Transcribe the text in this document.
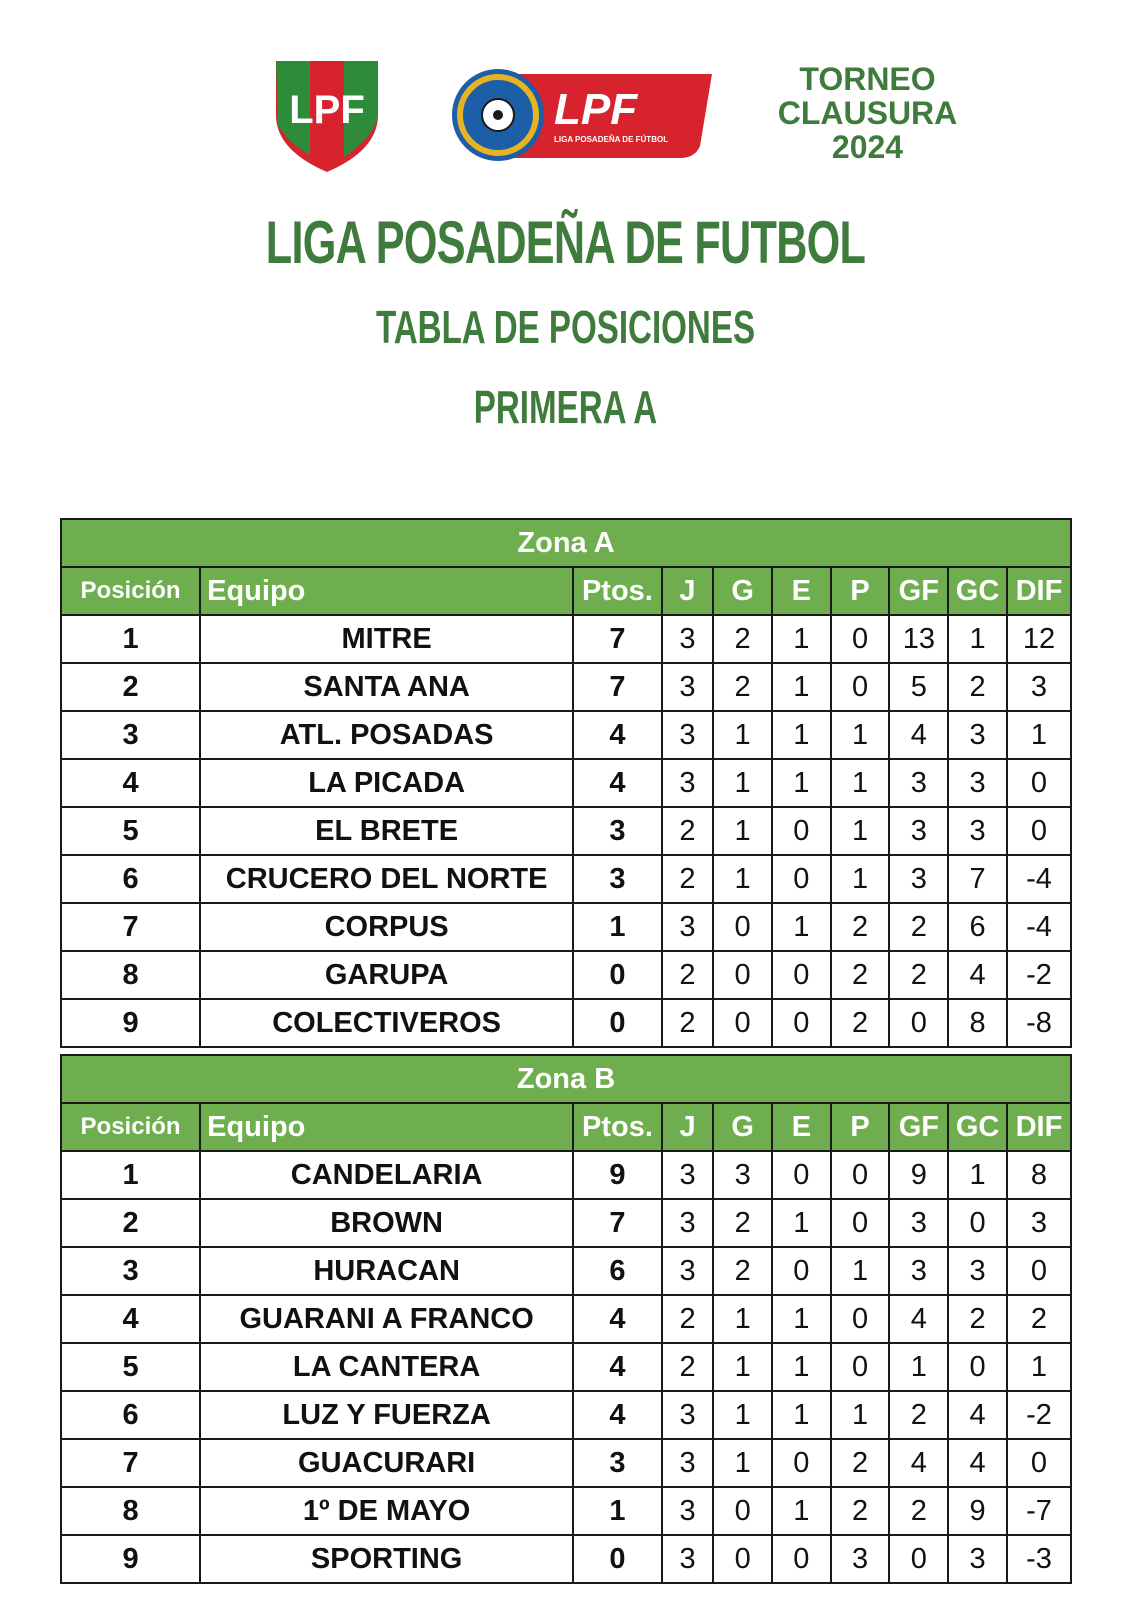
LPF	LPF
LIGA POSADEÑA DE FÚTBOL
TORNEO
CLAUSURA
2024
LIGA POSADEÑA DE FUTBOL
TABLA DE POSICIONES
PRIMERA A
Zona A									
Posición	Equipo	Ptos.	J	G	E	P	GF	GC	DIF
1	MITRE	7	3	2	1	0	13	1	12
2	SANTA ANA	7	3	2	1	0	5	2	3
3	ATL. POSADAS	4	3	1	1	1	4	3	1
4	LA PICADA	4	3	1	1	1	3	3	0
5	EL BRETE	3	2	1	0	1	3	3	0
6	CRUCERO DEL NORTE	3	2	1	0	1	3	7	-4
7	CORPUS	1	3	0	1	2	2	6	-4
8	GARUPA	0	2	0	0	2	2	4	-2
9	COLECTIVEROS	0	2	0	0	2	0	8	-8
Zona B									
Posición	Equipo	Ptos.	J	G	E	P	GF	GC	DIF
1	CANDELARIA	9	3	3	0	0	9	1	8
2	BROWN	7	3	2	1	0	3	0	3
3	HURACAN	6	3	2	0	1	3	3	0
4	GUARANI A FRANCO	4	2	1	1	0	4	2	2
5	LA CANTERA	4	2	1	1	0	1	0	1
6	LUZ Y FUERZA	4	3	1	1	1	2	4	-2
7	GUACURARI	3	3	1	0	2	4	4	0
8	1º DE MAYO	1	3	0	1	2	2	9	-7
9	SPORTING	0	3	0	0	3	0	3	-3
